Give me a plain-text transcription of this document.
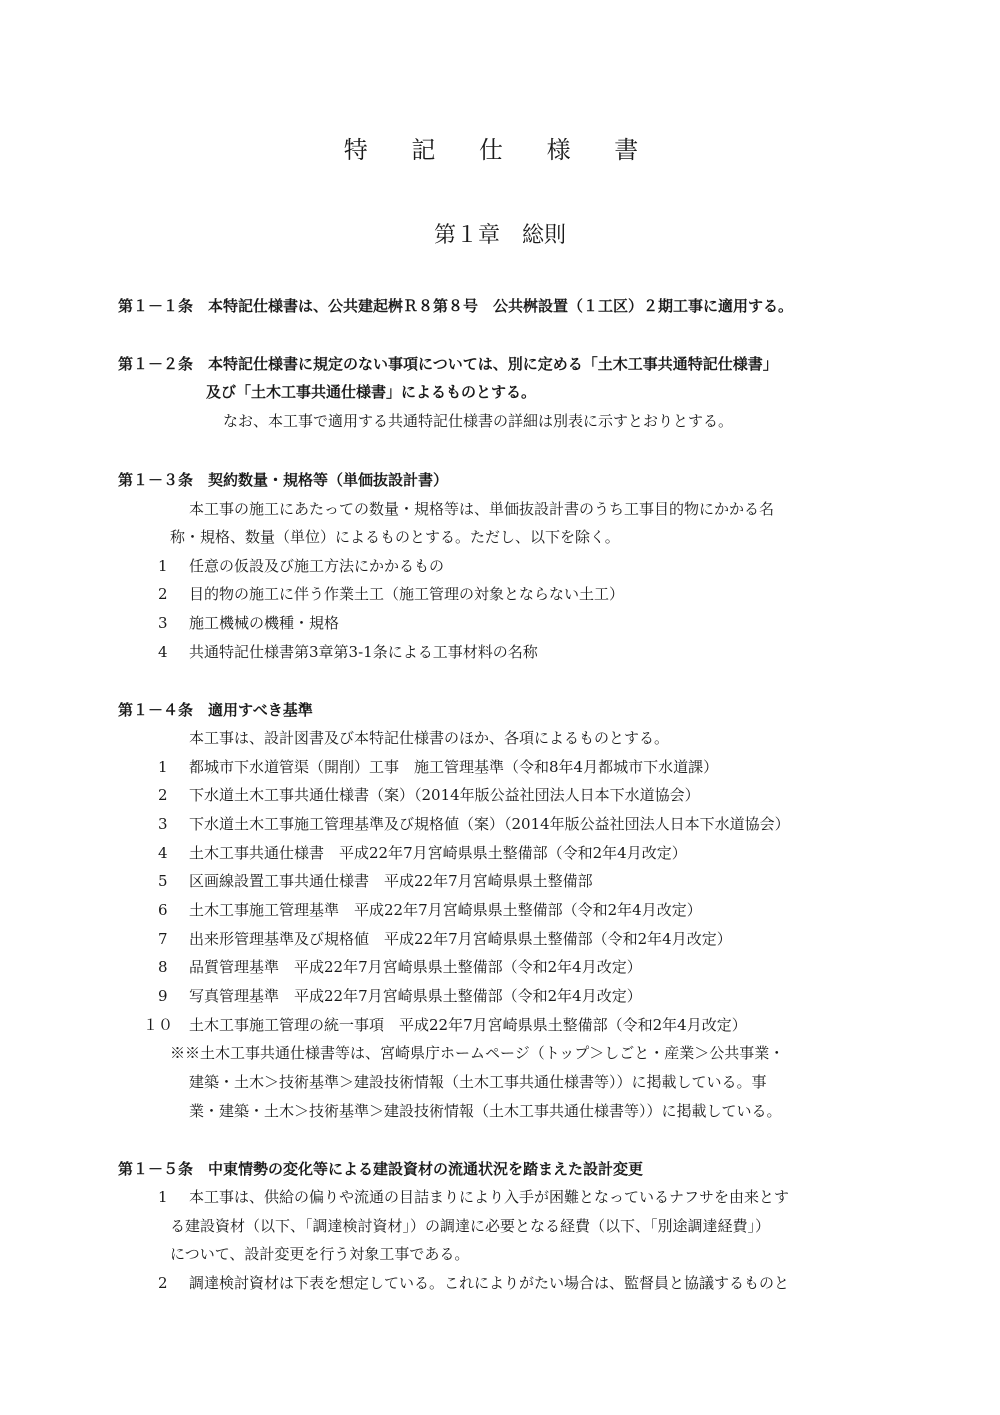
特 記 仕 様 書
第１章　総則
第１－１条　本特記仕様書は、公共建起桝Ｒ８第８号　公共桝設置（１工区）２期工事に適用する。
第１－２条　本特記仕様書に規定のない事項については、別に定める「土木工事共通特記仕様書」
及び「土木工事共通仕様書」によるものとする。
なお、本工事で適用する共通特記仕様書の詳細は別表に示すとおりとする。
第１－３条　契約数量・規格等（単価抜設計書）
本工事の施工にあたっての数量・規格等は、単価抜設計書のうち工事目的物にかかる名
称・規格、数量（単位）によるものとする。ただし、以下を除く。
1 任意の仮設及び施工方法にかかるもの
2 目的物の施工に伴う作業土工（施工管理の対象とならない土工）
3 施工機械の機種・規格
4 共通特記仕様書第3章第3-1条による工事材料の名称
第１－４条　適用すべき基準
本工事は、設計図書及び本特記仕様書のほか、各項によるものとする。
1 都城市下水道管渠（開削）工事　施工管理基準（令和8年4月都城市下水道課）
2 下水道土木工事共通仕様書（案）（2014年版公益社団法人日本下水道協会）
3 下水道土木工事施工管理基準及び規格値（案）（2014年版公益社団法人日本下水道協会）
4 土木工事共通仕様書　平成22年7月宮崎県県土整備部（令和2年4月改定）
5 区画線設置工事共通仕様書　平成22年7月宮崎県県土整備部
6 土木工事施工管理基準　平成22年7月宮崎県県土整備部（令和2年4月改定）
7 出来形管理基準及び規格値　平成22年7月宮崎県県土整備部（令和2年4月改定）
8 品質管理基準　平成22年7月宮崎県県土整備部（令和2年4月改定）
9 写真管理基準　平成22年7月宮崎県県土整備部（令和2年4月改定）
１０ 土木工事施工管理の統一事項　平成22年7月宮崎県県土整備部（令和2年4月改定）
※※土木工事共通仕様書等は、宮崎県庁ホームページ（トップ＞しごと・産業＞公共事業・
建築・土木＞技術基準＞建設技術情報（土木工事共通仕様書等））に掲載している。事
業・建築・土木＞技術基準＞建設技術情報（土木工事共通仕様書等））に掲載している。
第１－５条　中東情勢の変化等による建設資材の流通状況を踏まえた設計変更
1 本工事は、供給の偏りや流通の目詰まりにより入手が困難となっているナフサを由来とす
る建設資材（以下、「調達検討資材」）の調達に必要となる経費（以下、「別途調達経費」）
について、設計変更を行う対象工事である。
2 調達検討資材は下表を想定している。これによりがたい場合は、監督員と協議するものと
